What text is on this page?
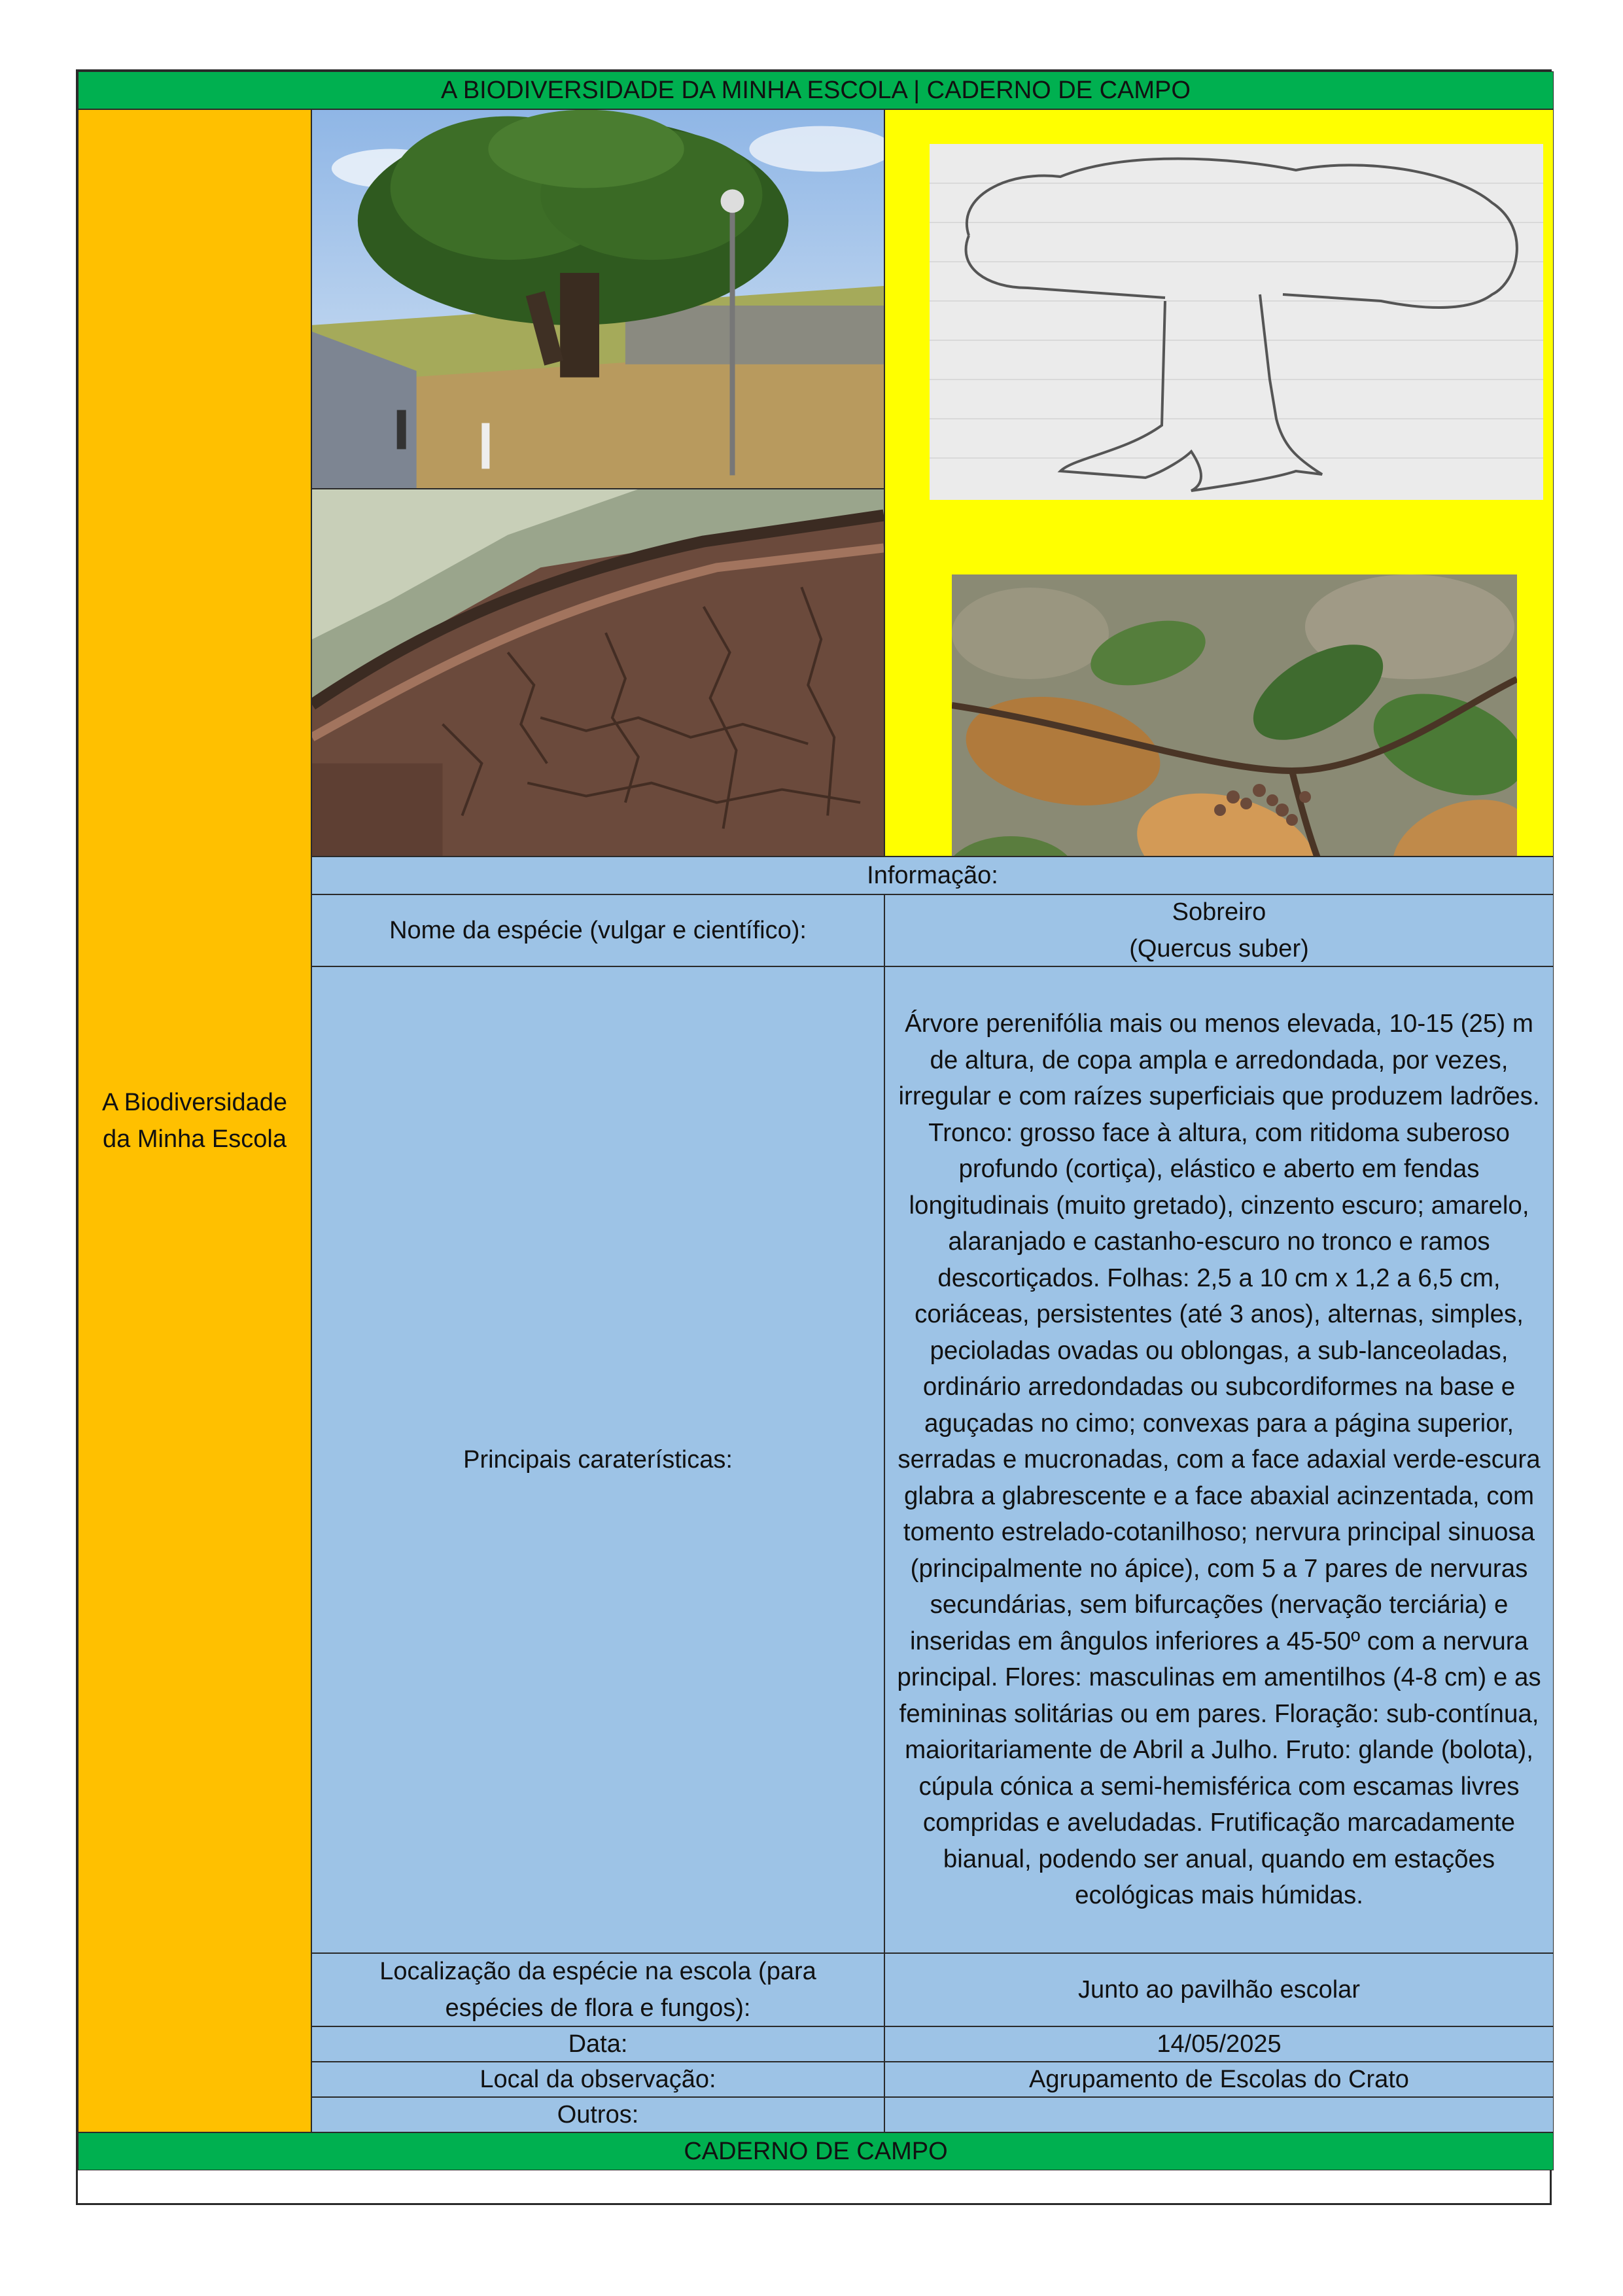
A BIODIVERSIDADE DA MINHA ESCOLA | CADERNO DE CAMPO
A Biodiversidade da Minha Escola
Informação:
Nome da espécie (vulgar e científico):
Sobreiro
(Quercus suber)
Principais caraterísticas:
Árvore perenifólia mais ou menos elevada, 10-15 (25) m de altura, de copa ampla e arredondada, por vezes, irregular e com raízes superficiais que produzem ladrões. Tronco: grosso face à altura, com ritidoma suberoso profundo (cortiça), elástico e aberto em fendas longitudinais (muito gretado), cinzento escuro; amarelo, alaranjado e castanho-escuro no tronco e ramos descortiçados. Folhas: 2,5 a 10 cm x 1,2 a 6,5 cm, coriáceas, persistentes (até 3 anos), alternas, simples, pecioladas ovadas ou oblongas, a sub-lanceoladas, ordinário arredondadas ou subcordiformes na base e aguçadas no cimo; convexas para a página superior, serradas e mucronadas, com a face adaxial verde-escura glabra a glabrescente e a face abaxial acinzentada, com tomento estrelado-cotanilhoso; nervura principal sinuosa (principalmente no ápice), com 5 a 7 pares de nervuras secundárias, sem bifurcações (nervação terciária) e inseridas em ângulos inferiores a 45-50º com a nervura principal. Flores: masculinas em amentilhos (4-8 cm) e as femininas solitárias ou em pares. Floração: sub-contínua, maioritariamente de Abril a Julho. Fruto: glande (bolota), cúpula cónica a semi-hemisférica com escamas livres compridas e aveludadas. Frutificação marcadamente bianual, podendo ser anual, quando em estações ecológicas mais húmidas.
Localização da espécie na escola (para espécies de flora e fungos):
Junto ao pavilhão escolar
Data:	14/05/2025
Local da observação:	Agrupamento de Escolas do Crato
Outros:
CADERNO DE CAMPO
